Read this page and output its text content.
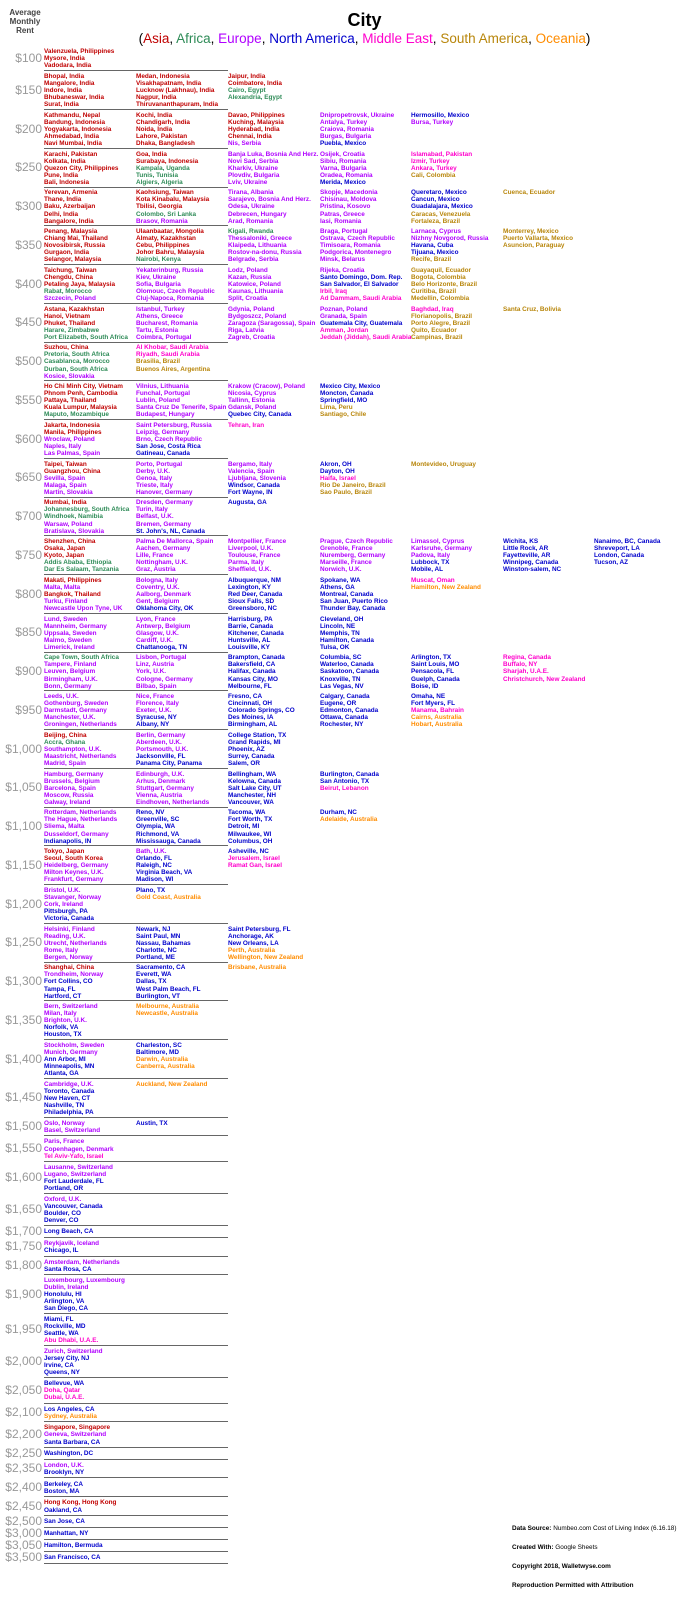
Average
Monthly
Rent
City
(Asia, Africa, Europe, North America, Middle East, South America, Oceania)
$100 Valenzuela, Philippines
Mysore, India
Vadodara, India
$150
Bhopal, India
Mangalore, India
Indore, India
Bhubaneswar, India
Surat, India
Medan, Indonesia
Visakhapatnam, India
Lucknow (Lakhnau), India
Nagpur, India
Thiruvananthapuram, India
Jaipur, India
Coimbatore, India
Cairo, Egypt
Alexandria, Egypt
$200
Kathmandu, Nepal
Bandung, Indonesia
Yogyakarta, Indonesia
Ahmedabad, India
Navi Mumbai, India
Kochi, India
Chandigarh, India
Noida, India
Lahore, Pakistan
Dhaka, Bangladesh
Davao, Philippines
Kuching, Malaysia
Hyderabad, India
Chennai, India
Nis, Serbia
Dnipropetrovsk, Ukraine
Antalya, Turkey
Craiova, Romania
Burgas, Bulgaria
Puebla, Mexico
Hermosillo, Mexico
Bursa, Turkey
$250
Karachi, Pakistan
Kolkata, India
Quezon City, Philippines
Pune, India
Bali, Indonesia
Goa, India
Surabaya, Indonesia
Kampala, Uganda
Tunis, Tunisia
Algiers, Algeria
Banja Luka, Bosnia And Herz.
Novi Sad, Serbia
Kharkiv, Ukraine
Plovdiv, Bulgaria
Lviv, Ukraine
Osijek, Croatia
Sibiu, Romania
Varna, Bulgaria
Oradea, Romania
Merida, Mexico
Islamabad, Pakistan
Izmir, Turkey
Ankara, Turkey
Cali, Colombia
$300
Yerevan, Armenia
Thane, India
Baku, Azerbaijan
Delhi, India
Bangalore, India
Kaohsiung, Taiwan
Kota Kinabalu, Malaysia
Tbilisi, Georgia
Colombo, Sri Lanka
Brasov, Romania
Tirana, Albania
Sarajevo, Bosnia And Herz.
Odesa, Ukraine
Debrecen, Hungary
Arad, Romania
Skopje, Macedonia
Chisinau, Moldova
Pristina, Kosovo
Patras, Greece
Iasi, Romania
Queretaro, Mexico
Cancun, Mexico
Guadalajara, Mexico
Caracas, Venezuela
Fortaleza, Brazil
Cuenca, Ecuador
$350
Penang, Malaysia
Chiang Mai, Thailand
Novosibirsk, Russia
Gurgaon, India
Selangor, Malaysia
Ulaanbaatar, Mongolia
Almaty, Kazakhstan
Cebu, Philippines
Johor Bahru, Malaysia
Nairobi, Kenya
Kigali, Rwanda
Thessaloniki, Greece
Klaipeda, Lithuania
Rostov-na-donu, Russia
Belgrade, Serbia
Braga, Portugal
Ostrava, Czech Republic
Timisoara, Romania
Podgorica, Montenegro
Minsk, Belarus
Larnaca, Cyprus
Nizhny Novgorod, Russia
Havana, Cuba
Tijuana, Mexico
Recife, Brazil
Monterrey, Mexico
Puerto Vallarta, Mexico
Asuncion, Paraguay
$400
Taichung, Taiwan
Chengdu, China
Petaling Jaya, Malaysia
Rabat, Morocco
Szczecin, Poland
Yekaterinburg, Russia
Kiev, Ukraine
Sofia, Bulgaria
Olomouc, Czech Republic
Cluj-Napoca, Romania
Lodz, Poland
Kazan, Russia
Katowice, Poland
Kaunas, Lithuania
Split, Croatia
Rijeka, Croatia
Santo Domingo, Dom. Rep.
San Salvador, El Salvador
Irbil, Iraq
Ad Dammam, Saudi Arabia
Guayaquil, Ecuador
Bogota, Colombia
Belo Horizonte, Brazil
Curitiba, Brazil
Medellin, Colombia
$450
Astana, Kazakhstan
Hanoi, Vietnam
Phuket, Thailand
Harare, Zimbabwe
Port Elizabeth, South Africa
Istanbul, Turkey
Athens, Greece
Bucharest, Romania
Tartu, Estonia
Coimbra, Portugal
Gdynia, Poland
Bydgoszcz, Poland
Zaragoza (Saragossa), Spain
Riga, Latvia
Zagreb, Croatia
Poznan, Poland
Granada, Spain
Guatemala City, Guatemala
Amman, Jordan
Jeddah (Jiddah), Saudi Arabia
Baghdad, Iraq
Florianopolis, Brazil
Porto Alegre, Brazil
Quito, Ecuador
Campinas, Brazil
Santa Cruz, Bolivia
$500
Suzhou, China
Pretoria, South Africa
Casablanca, Morocco
Durban, South Africa
Kosice, Slovakia
Al Khobar, Saudi Arabia
Riyadh, Saudi Arabia
Brasilia, Brazil
Buenos Aires, Argentina
$550
Ho Chi Minh City, Vietnam
Phnom Penh, Cambodia
Pattaya, Thailand
Kuala Lumpur, Malaysia
Maputo, Mozambique
Vilnius, Lithuania
Funchal, Portugal
Lublin, Poland
Santa Cruz De Tenerife, Spain
Budapest, Hungary
Krakow (Cracow), Poland
Nicosia, Cyprus
Tallinn, Estonia
Gdansk, Poland
Quebec City, Canada
Mexico City, Mexico
Moncton, Canada
Springfield, MO
Lima, Peru
Santiago, Chile
$600
Jakarta, Indonesia
Manila, Philippines
Wroclaw, Poland
Naples, Italy
Las Palmas, Spain
Saint Petersburg, Russia
Leipzig, Germany
Brno, Czech Republic
San Jose, Costa Rica
Gatineau, Canada
Tehran, Iran
$650
Taipei, Taiwan
Guangzhou, China
Sevilla, Spain
Malaga, Spain
Martin, Slovakia
Porto, Portugal
Derby, U.K.
Genoa, Italy
Trieste, Italy
Hanover, Germany
Bergamo, Italy
Valencia, Spain
Ljubljana, Slovenia
Windsor, Canada
Fort Wayne, IN
Akron, OH
Dayton, OH
Haifa, Israel
Rio De Janeiro, Brazil
Sao Paulo, Brazil
Montevideo, Uruguay
$700
Mumbai, India
Johannesburg, South Africa
Windhoek, Namibia
Warsaw, Poland
Bratislava, Slovakia
Dresden, Germany
Turin, Italy
Belfast, U.K.
Bremen, Germany
St. John's, NL, Canada
Augusta, GA
$750
Shenzhen, China
Osaka, Japan
Kyoto, Japan
Addis Ababa, Ethiopia
Dar Es Salaam, Tanzania
Palma De Mallorca, Spain
Aachen, Germany
Lille, France
Nottingham, U.K.
Graz, Austria
Montpellier, France
Liverpool, U.K.
Toulouse, France
Parma, Italy
Sheffield, U.K.
Prague, Czech Republic
Grenoble, France
Nuremberg, Germany
Marseille, France
Norwich, U.K.
Limassol, Cyprus
Karlsruhe, Germany
Padova, Italy
Lubbock, TX
Mobile, AL
Wichita, KS
Little Rock, AR
Fayetteville, AR
Winnipeg, Canada
Winston-salem, NC
Nanaimo, BC, Canada
Shreveport, LA
London, Canada
Tucson, AZ
$800
Makati, Philippines
Malta, Malta
Bangkok, Thailand
Turku, Finland
Newcastle Upon Tyne, UK
Bologna, Italy
Coventry, U.K.
Aalborg, Denmark
Gent, Belgium
Oklahoma City, OK
Albuquerque, NM
Lexington, KY
Red Deer, Canada
Sioux Falls, SD
Greensboro, NC
Spokane, WA
Athens, GA
Montreal, Canada
San Juan, Puerto Rico
Thunder Bay, Canada
Muscat, Oman
Hamilton, New Zealand
$850
Lund, Sweden
Mannheim, Germany
Uppsala, Sweden
Malmo, Sweden
Limerick, Ireland
Lyon, France
Antwerp, Belgium
Glasgow, U.K.
Cardiff, U.K.
Chattanooga, TN
Harrisburg, PA
Barrie, Canada
Kitchener, Canada
Huntsville, AL
Louisville, KY
Cleveland, OH
Lincoln, NE
Memphis, TN
Hamilton, Canada
Tulsa, OK
$900
Cape Town, South Africa
Tampere, Finland
Leuven, Belgium
Birmingham, U.K.
Bonn, Germany
Lisbon, Portugal
Linz, Austria
York, U.K.
Cologne, Germany
Bilbao, Spain
Brampton, Canada
Bakersfield, CA
Halifax, Canada
Kansas City, MO
Melbourne, FL
Columbia, SC
Waterloo, Canada
Saskatoon, Canada
Knoxville, TN
Las Vegas, NV
Arlington, TX
Saint Louis, MO
Pensacola, FL
Guelph, Canada
Boise, ID
Regina, Canada
Buffalo, NY
Sharjah, U.A.E.
Christchurch, New Zealand
$950
Leeds, U.K.
Gothenburg, Sweden
Darmstadt, Germany
Manchester, U.K.
Groningen, Netherlands
Nice, France
Florence, Italy
Exeter, U.K.
Syracuse, NY
Albany, NY
Fresno, CA
Cincinnati, OH
Colorado Springs, CO
Des Moines, IA
Birmingham, AL
Calgary, Canada
Eugene, OR
Edmonton, Canada
Ottawa, Canada
Rochester, NY
Omaha, NE
Fort Myers, FL
Manama, Bahrain
Cairns, Australia
Hobart, Australia
$1,000
Beijing, China
Accra, Ghana
Southampton, U.K.
Maastricht, Netherlands
Madrid, Spain
Berlin, Germany
Aberdeen, U.K.
Portsmouth, U.K.
Jacksonville, FL
Panama City, Panama
College Station, TX
Grand Rapids, MI
Phoenix, AZ
Surrey, Canada
Salem, OR
$1,050
Hamburg, Germany
Brussels, Belgium
Barcelona, Spain
Moscow, Russia
Galway, Ireland
Edinburgh, U.K.
Arhus, Denmark
Stuttgart, Germany
Vienna, Austria
Eindhoven, Netherlands
Bellingham, WA
Kelowna, Canada
Salt Lake City, UT
Manchester, NH
Vancouver, WA
Burlington, Canada
San Antonio, TX
Beirut, Lebanon
$1,100
Rotterdam, Netherlands
The Hague, Netherlands
Sliema, Malta
Dusseldorf, Germany
Indianapolis, IN
Reno, NV
Greenville, SC
Olympia, WA
Richmond, VA
Mississauga, Canada
Tacoma, WA
Fort Worth, TX
Detroit, MI
Milwaukee, WI
Columbus, OH
Durham, NC
Adelaide, Australia
$1,150
Tokyo, Japan
Seoul, South Korea
Heidelberg, Germany
Milton Keynes, U.K.
Frankfurt, Germany
Bath, U.K.
Orlando, FL
Raleigh, NC
Virginia Beach, VA
Madison, WI
Asheville, NC
Jerusalem, Israel
Ramat Gan, Israel
$1,200
Bristol, U.K.
Stavanger, Norway
Cork, Ireland
Pittsburgh, PA
Victoria, Canada
Plano, TX
Gold Coast, Australia
$1,250
Helsinki, Finland
Reading, U.K.
Utrecht, Netherlands
Rome, Italy
Bergen, Norway
Newark, NJ
Saint Paul, MN
Nassau, Bahamas
Charlotte, NC
Portland, ME
Saint Petersburg, FL
Anchorage, AK
New Orleans, LA
Perth, Australia
Wellington, New Zealand
$1,300
Shanghai, China
Trondheim, Norway
Fort Collins, CO
Tampa, FL
Hartford, CT
Sacramento, CA
Everett, WA
Dallas, TX
West Palm Beach, FL
Burlington, VT
Brisbane, Australia
$1,350
Bern, Switzerland
Milan, Italy
Brighton, U.K.
Norfolk, VA
Houston, TX
Melbourne, Australia
Newcastle, Australia
$1,400
Stockholm, Sweden
Munich, Germany
Ann Arbor, MI
Minneapolis, MN
Atlanta, GA
Charleston, SC
Baltimore, MD
Darwin, Australia
Canberra, Australia
$1,450
Cambridge, U.K.
Toronto, Canada
New Haven, CT
Nashville, TN
Philadelphia, PA
Auckland, New Zealand
$1,500 Oslo, Norway
Basel, Switzerland
Austin, TX
$1,550 Paris, France
Copenhagen, Denmark
Tel Aviv-Yafo, Israel
$1,600
Lausanne, Switzerland
Lugano, Switzerland
Fort Lauderdale, FL
Portland, OR
$1,650
Oxford, U.K.
Vancouver, Canada
Boulder, CO
Denver, CO
$1,700 Long Beach, CA
$1,750 Reykjavik, Iceland
Chicago, IL
$1,800 Amsterdam, Netherlands
Santa Rosa, CA
$1,900
Luxembourg, Luxembourg
Dublin, Ireland
Honolulu, HI
Arlington, VA
San Diego, CA
$1,950
Miami, FL
Rockville, MD
Seattle, WA
Abu Dhabi, U.A.E.
$2,000
Zurich, Switzerland
Jersey City, NJ
Irvine, CA
Queens, NY
$2,050 Bellevue, WA
Doha, Qatar
Dubai, U.A.E.
$2,100 Los Angeles, CA
Sydney, Australia
$2,200 Singapore, Singapore
Geneva, Switzerland
Santa Barbara, CA
$2,250 Washington, DC
$2,350 London, U.K.
Brooklyn, NY
$2,400 Berkeley, CA
Boston, MA
$2,450 Hong Kong, Hong Kong
Oakland, CA
$2,500 San Jose, CA
$3,000 Manhattan, NY
$3,050 Hamilton, Bermuda
$3,500 San Francisco, CA
Data Source: Numbeo.com Cost of Living Index (6.16.18)
Created With: Google Sheets
Copyright 2018, Walletwyse.com
Reproduction Permitted with Attribution
